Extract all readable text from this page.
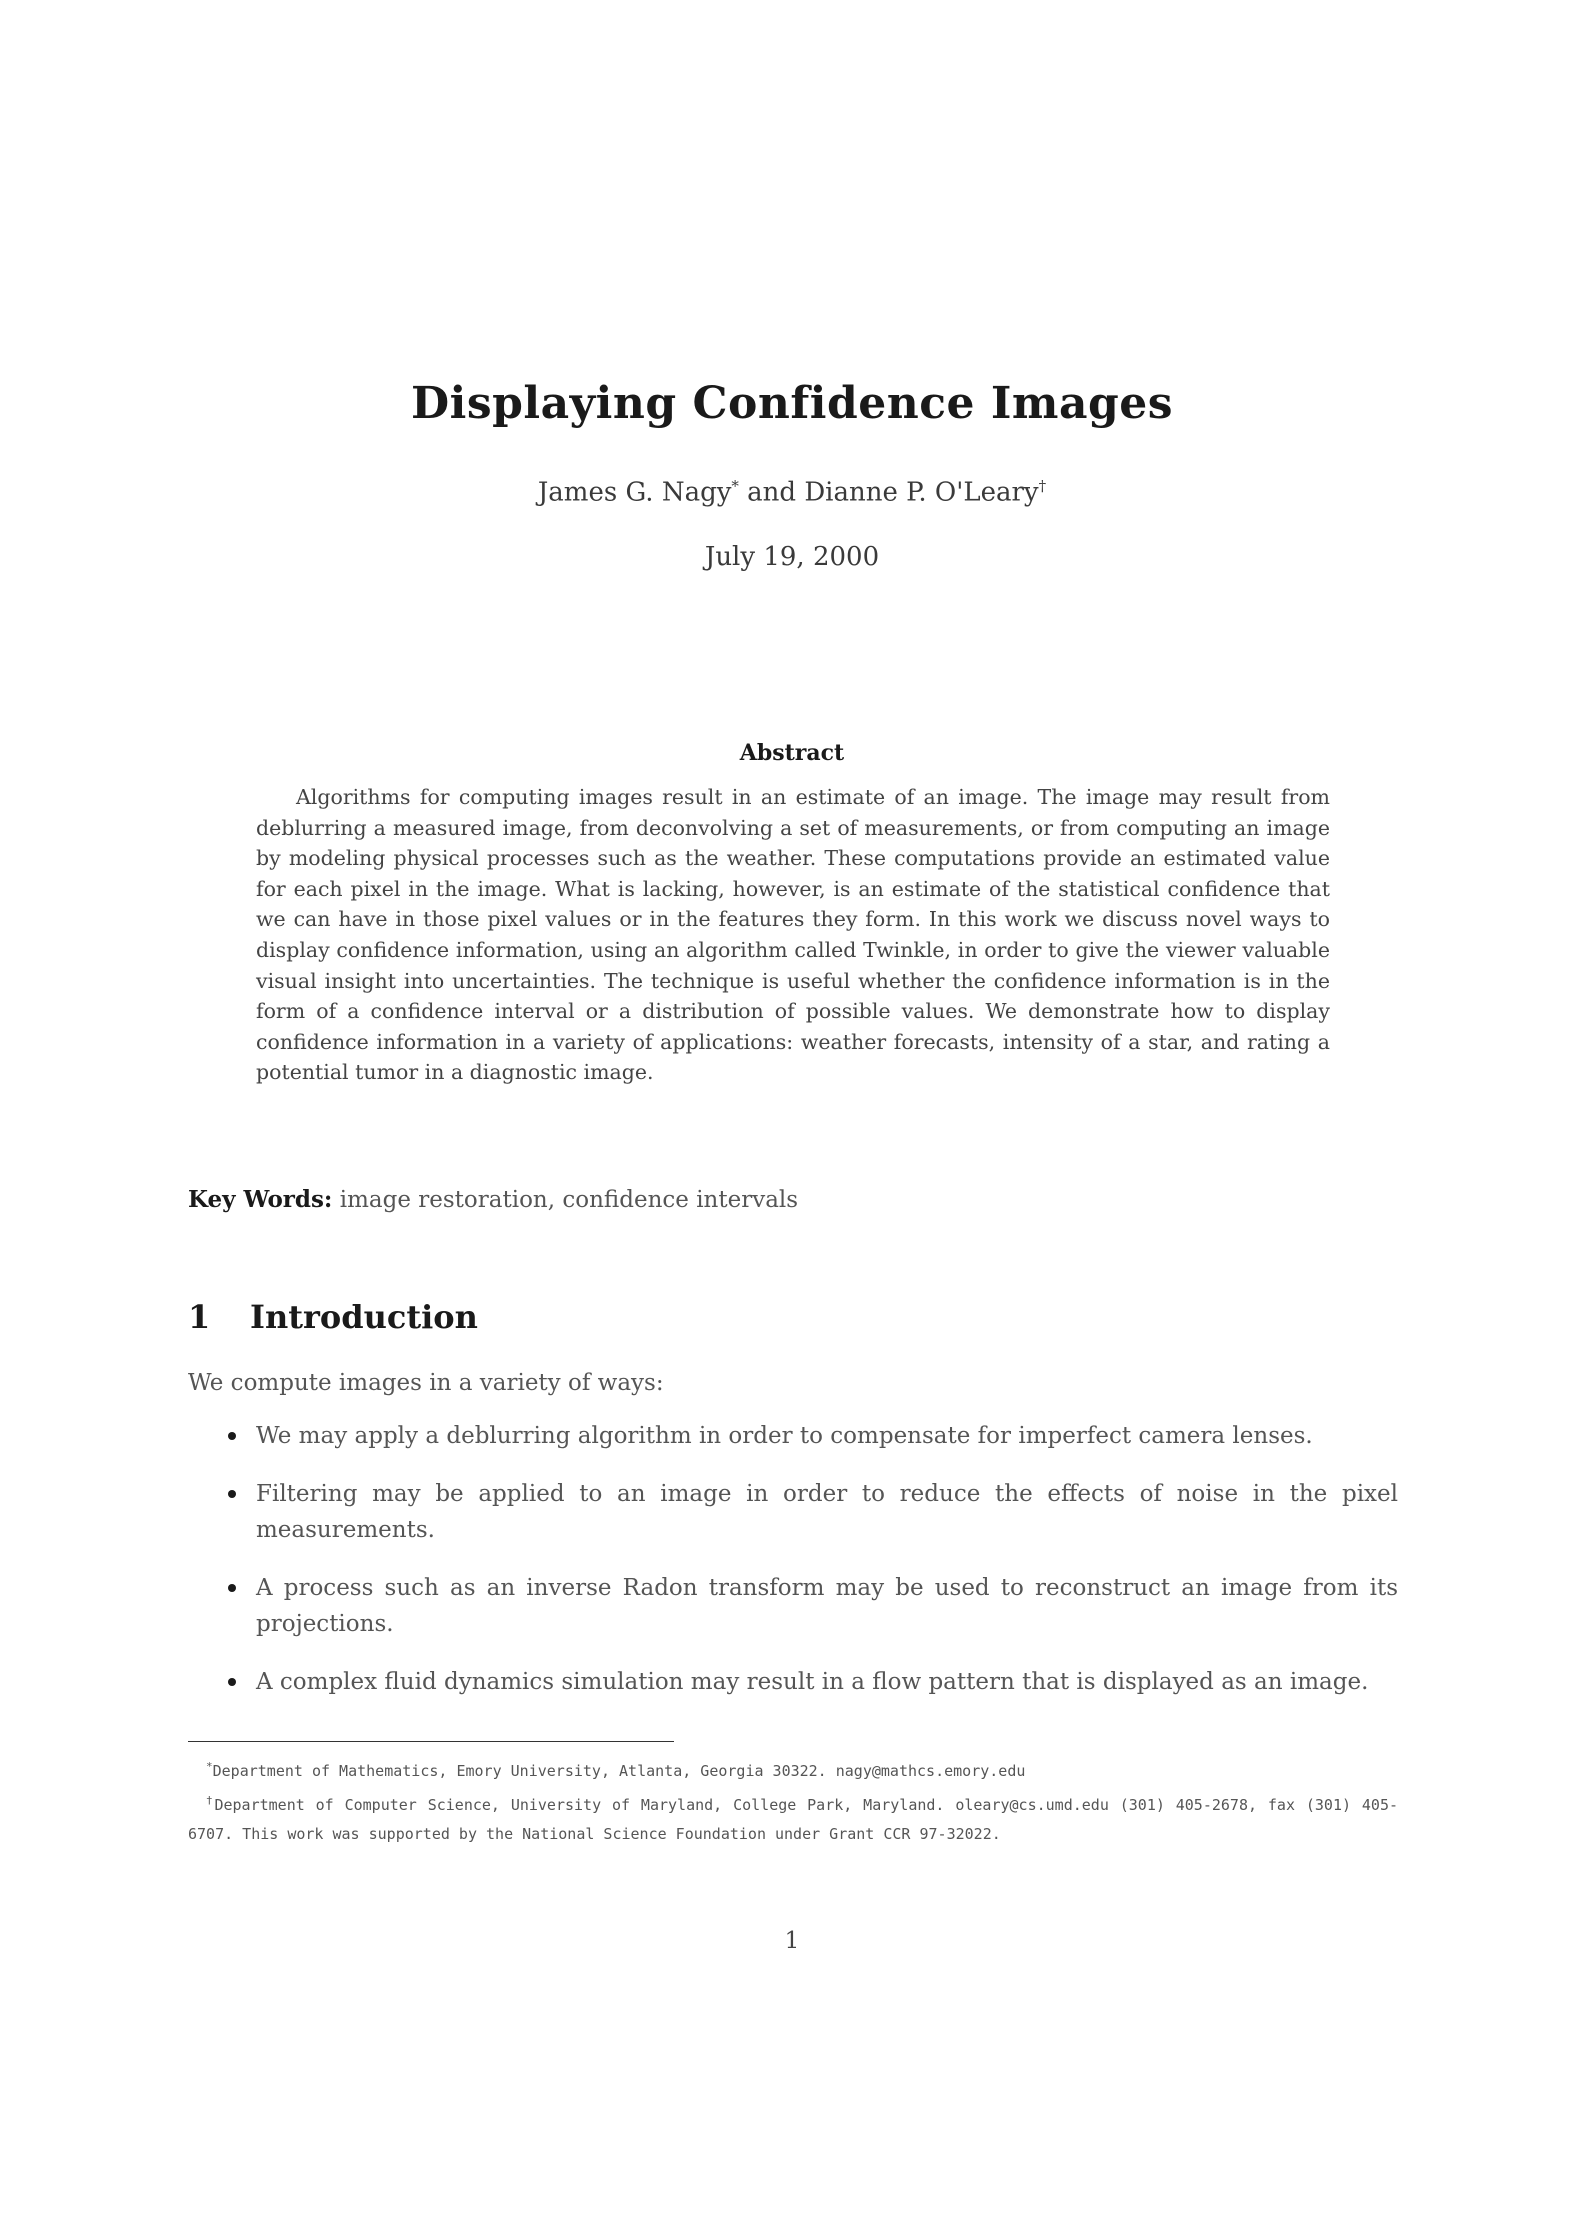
Displaying Confidence Images
James G. Nagy* and Dianne P. O'Leary†
July 19, 2000
Abstract
Algorithms for computing images result in an estimate of an image. The image may result from deblurring a measured image, from deconvolving a set of measurements, or from computing an image by modeling physical processes such as the weather. These computations provide an estimated value for each pixel in the image. What is lacking, however, is an estimate of the statistical confidence that we can have in those pixel values or in the features they form. In this work we discuss novel ways to display confidence information, using an algorithm called Twinkle, in order to give the viewer valuable visual insight into uncertainties. The technique is useful whether the confidence information is in the form of a confidence interval or a distribution of possible values. We demonstrate how to display confidence information in a variety of applications: weather forecasts, intensity of a star, and rating a potential tumor in a diagnostic image.
Key Words: image restoration, confidence intervals
1 Introduction
We compute images in a variety of ways:
We may apply a deblurring algorithm in order to compensate for imperfect camera lenses.
Filtering may be applied to an image in order to reduce the effects of noise in the pixel measurements.
A process such as an inverse Radon transform may be used to reconstruct an image from its projections.
A complex fluid dynamics simulation may result in a flow pattern that is displayed as an image.
*Department of Mathematics, Emory University, Atlanta, Georgia 30322. nagy@mathcs.emory.edu
†Department of Computer Science, University of Maryland, College Park, Maryland. oleary@cs.umd.edu (301) 405-2678, fax (301) 405-6707. This work was supported by the National Science Foundation under Grant CCR 97-32022.
1
